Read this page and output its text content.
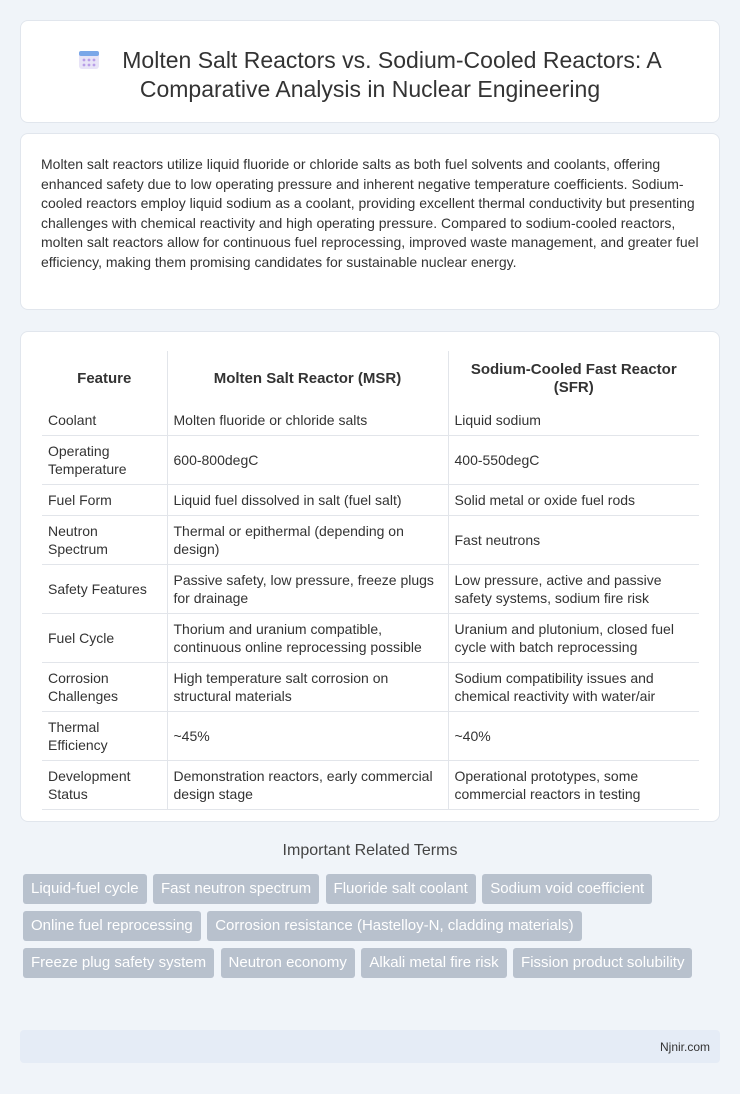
Molten Salt Reactors vs. Sodium-Cooled Reactors: A Comparative Analysis in Nuclear Engineering

Molten salt reactors utilize liquid fluoride or chloride salts as both fuel solvents and coolants, offering enhanced safety due to low operating pressure and inherent negative temperature coefficients. Sodium-cooled reactors employ liquid sodium as a coolant, providing excellent thermal conductivity but presenting challenges with chemical reactivity and high operating pressure. Compared to sodium-cooled reactors, molten salt reactors allow for continuous fuel reprocessing, improved waste management, and greater fuel efficiency, making them promising candidates for sustainable nuclear energy.

Feature	Molten Salt Reactor (MSR)	Sodium-Cooled Fast Reactor (SFR)
Coolant	Molten fluoride or chloride salts	Liquid sodium
Operating Temperature	600-800degC	400-550degC
Fuel Form	Liquid fuel dissolved in salt (fuel salt)	Solid metal or oxide fuel rods
Neutron Spectrum	Thermal or epithermal (depending on design)	Fast neutrons
Safety Features	Passive safety, low pressure, freeze plugs for drainage	Low pressure, active and passive safety systems, sodium fire risk
Fuel Cycle	Thorium and uranium compatible, continuous online reprocessing possible	Uranium and plutonium, closed fuel cycle with batch reprocessing
Corrosion Challenges	High temperature salt corrosion on structural materials	Sodium compatibility issues and chemical reactivity with water/air
Thermal Efficiency	~45%	~40%
Development Status	Demonstration reactors, early commercial design stage	Operational prototypes, some commercial reactors in testing
Important Related Terms
Liquid-fuel cycle Fast neutron spectrum Fluoride salt coolant Sodium void coefficient Online fuel reprocessing Corrosion resistance (Hastelloy-N, cladding materials) Freeze plug safety system Neutron economy Alkali metal fire risk Fission product solubility
Njnir.com
